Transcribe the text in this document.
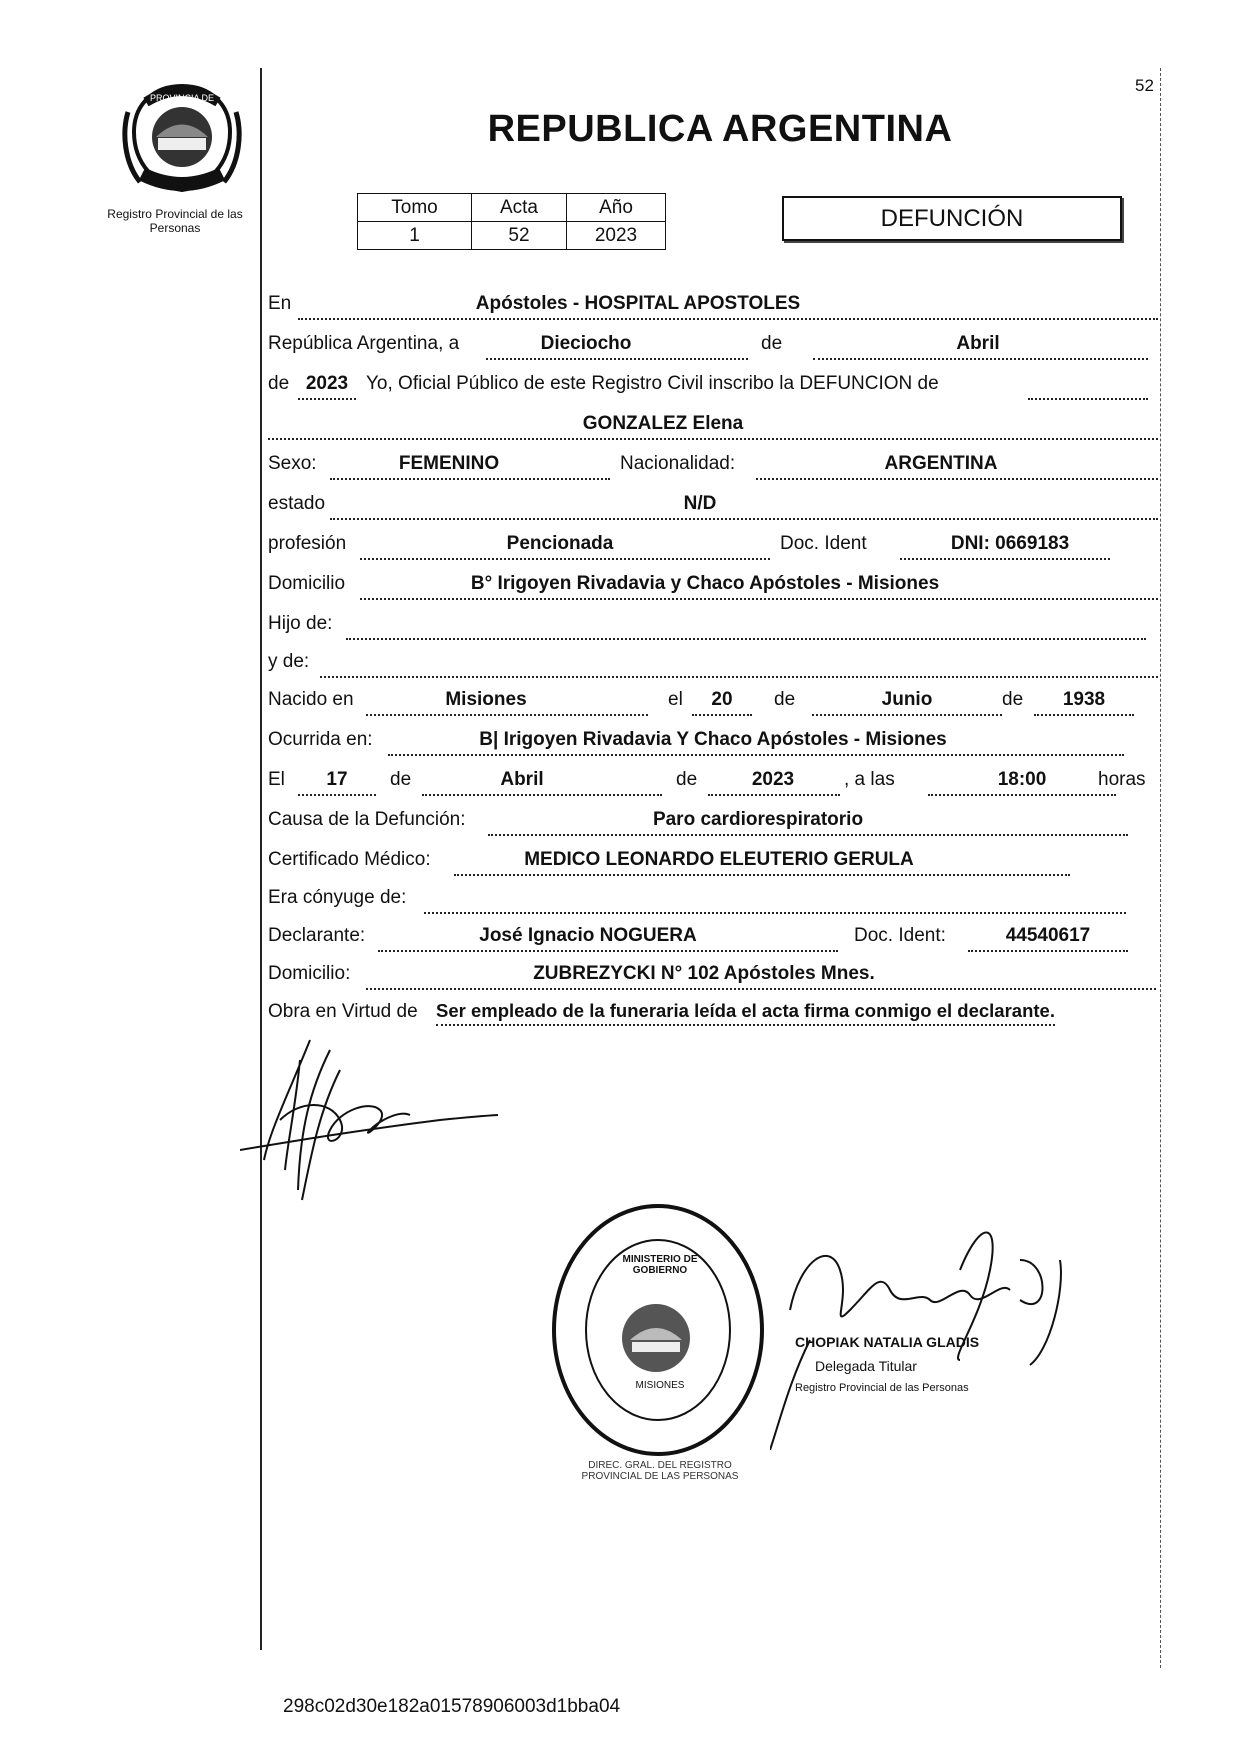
PROVINCIA DE
Registro Provincial de las Personas
52
REPUBLICA ARGENTINA
Tomo	Acta	Año
1	52	2023
DEFUNCIÓN
En	Apóstoles - HOSPITAL APOSTOLES
República Argentina, a	Dieciocho	de	Abril
de 2023 Yo, Oficial Público de este Registro Civil inscribo la DEFUNCION de
GONZALEZ Elena
Sexo:	FEMENINO	Nacionalidad:	ARGENTINA
estado	N/D
profesión	Pencionada	Doc. Ident	DNI: 0669183
Domicilio	B° Irigoyen Rivadavia y Chaco Apóstoles - Misiones
Hijo de:
y de:
Nacido en	Misiones	el	20	de	Junio	de	1938
Ocurrida en:	B| Irigoyen Rivadavia Y Chaco Apóstoles - Misiones
El	17	de	Abril	de	2023	, a las	18:00	horas
Causa de la Defunción:	Paro cardiorespiratorio
Certificado Médico:	MEDICO LEONARDO ELEUTERIO GERULA
Era cónyuge de:
Declarante:	José Ignacio NOGUERA	Doc. Ident:	44540617
Domicilio:	ZUBREZYCKI N° 102 Apóstoles Mnes.
Obra en Virtud de Ser empleado de la funeraria leída el acta firma conmigo el declarante.
DIREC. GRAL. DEL REGISTRO PROVINCIAL DE LAS PERSONAS
MINISTERIO DE GOBIERNO
MISIONES
CHOPIAK NATALIA GLADIS
Delegada Titular
Registro Provincial de las Personas
298c02d30e182a01578906003d1bba04
